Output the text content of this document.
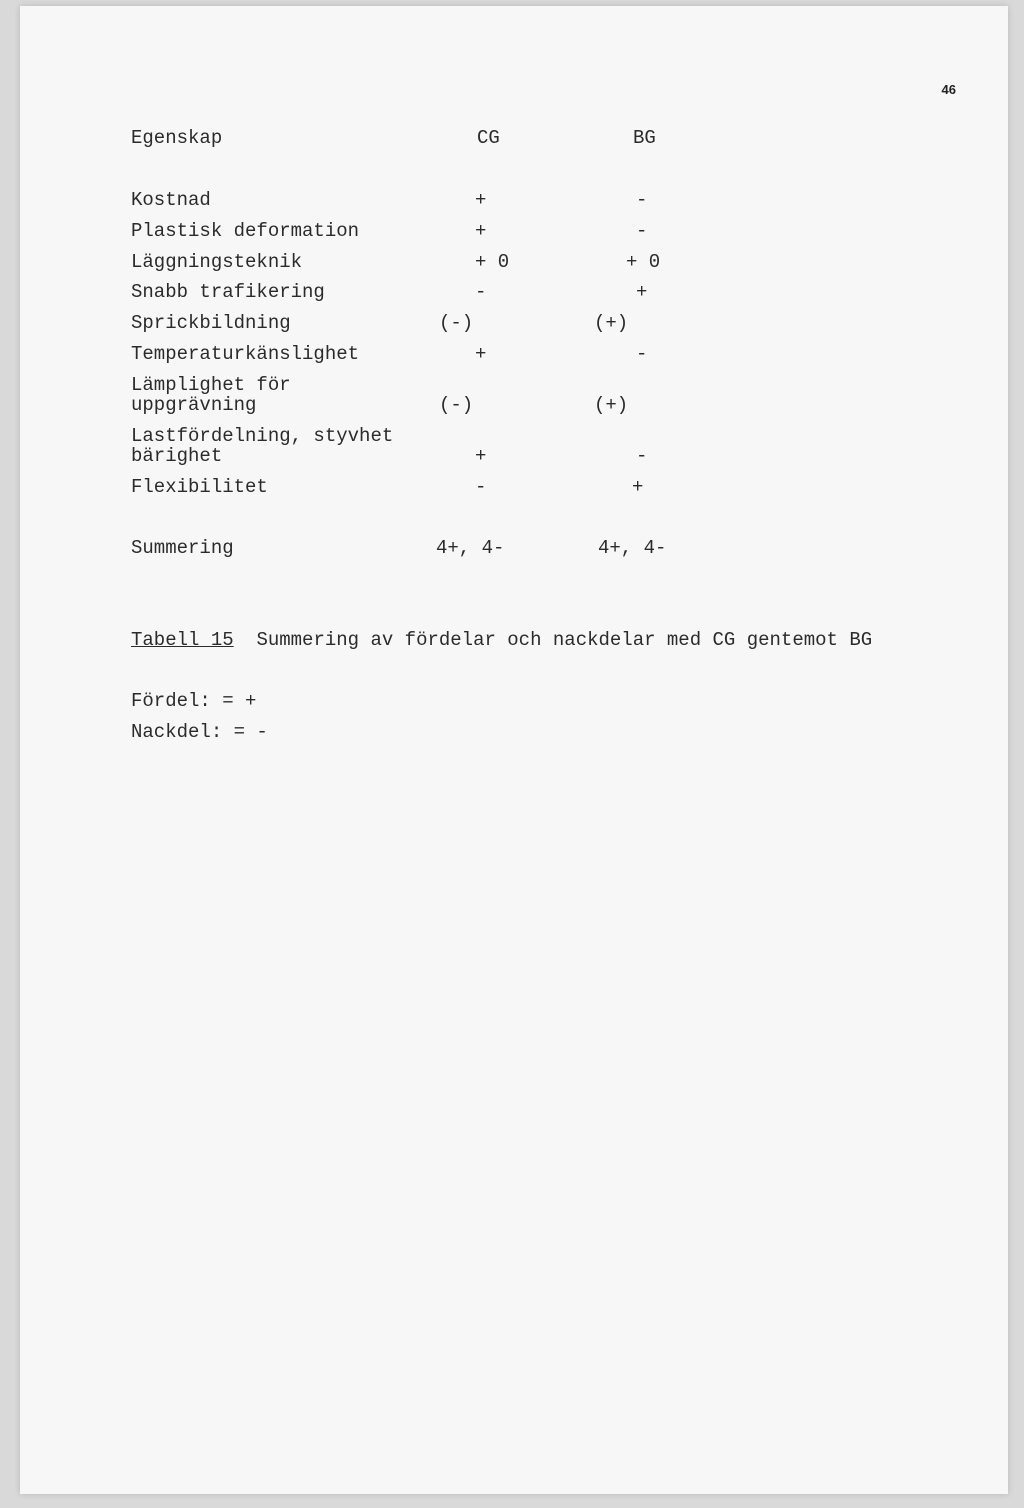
46
Egenskap	CG	BG
Kostnad	+	-
Plastisk deformation	+	-
Läggningsteknik	+ 0	+ 0
Snabb trafikering	-	+
Sprickbildning	(-)	(+)
Temperaturkänslighet	+	-
Lämplighet för
uppgrävning	(-)	(+)
Lastfördelning, styvhet
bärighet	+	-
Flexibilitet	-	+
Summering	4+, 4-	4+, 4-
Tabell 15 Summering av fördelar och nackdelar med CG gentemot BG
Fördel: = +
Nackdel: = -
